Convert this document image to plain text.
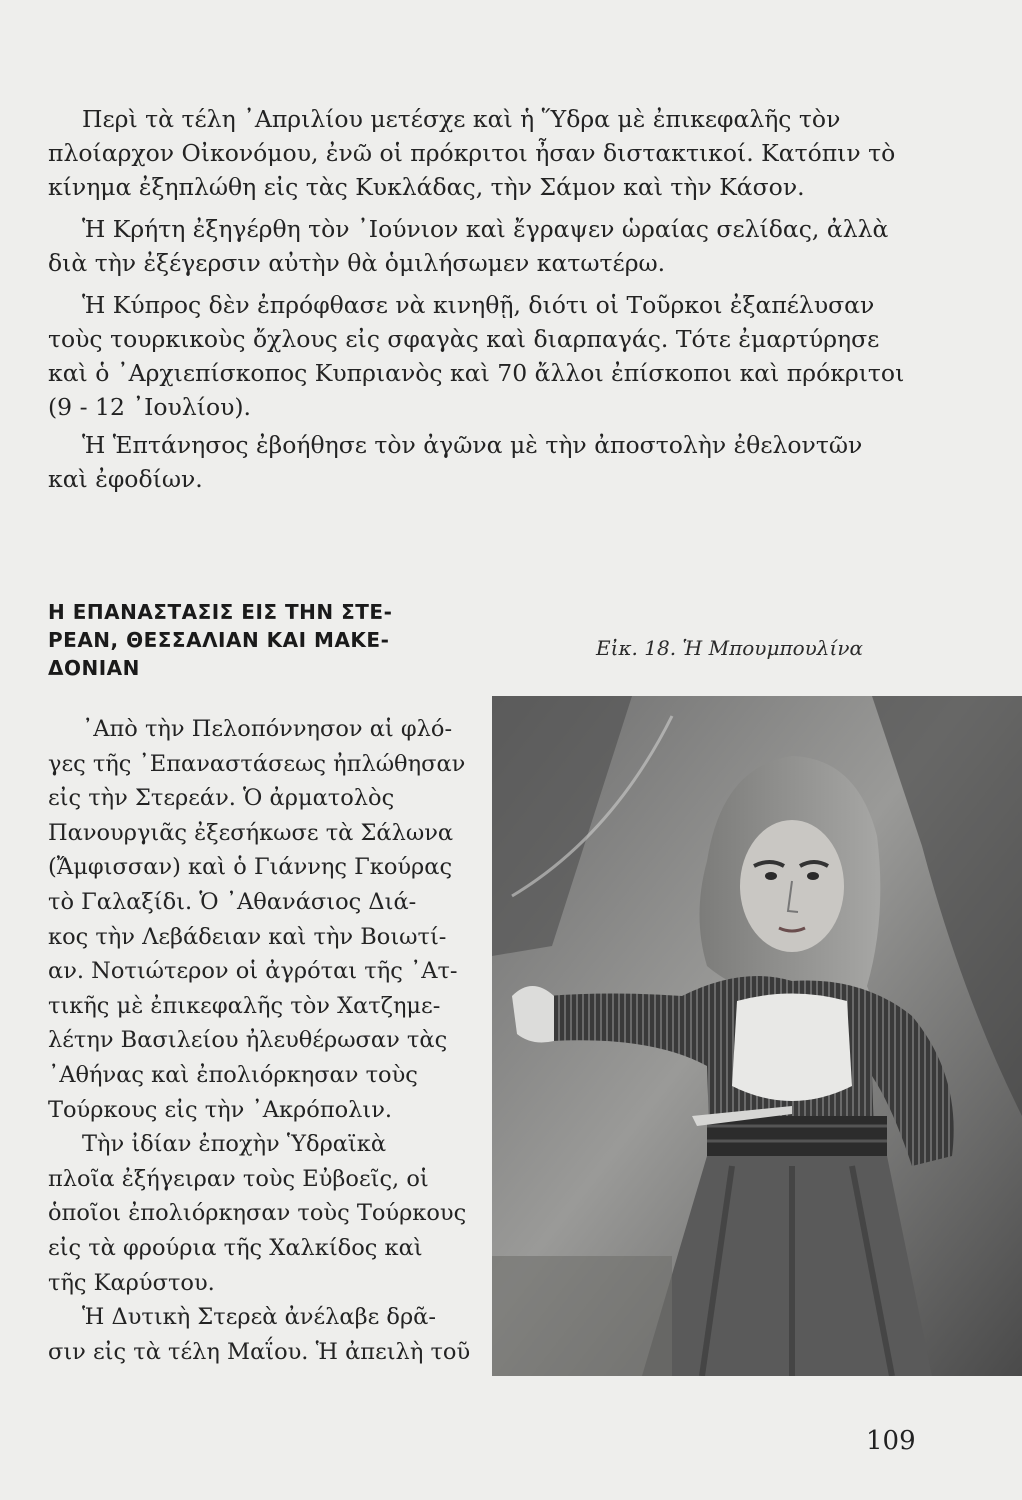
Περὶ τὰ τέλη ᾿Απριλίου μετέσχε καὶ ἡ Ὕδρα μὲ ἐπικεφαλῆς τὸν
πλοίαρχον Οἰκονόμου, ἐνῶ οἱ πρόκριτοι ἦσαν διστακτικοί. Κατόπιν τὸ
κίνημα ἐξηπλώθη εἰς τὰς Κυκλάδας, τὴν Σάμον καὶ τὴν Κάσον.
Ἡ Κρήτη ἐξηγέρθη τὸν ᾿Ιούνιον καὶ ἔγραψεν ὡραίας σελίδας, ἀλλὰ
διὰ τὴν ἐξέγερσιν αὐτὴν θὰ ὁμιλήσωμεν κατωτέρω.
Ἡ Κύπρος δὲν ἐπρόφθασε νὰ κινηθῇ, διότι οἱ Τοῦρκοι ἐξαπέλυσαν
τοὺς τουρκικοὺς ὄχλους εἰς σφαγὰς καὶ διαρπαγάς. Τότε ἐμαρτύρησε
καὶ ὁ ᾿Αρχιεπίσκοπος Κυπριανὸς καὶ 70 ἄλλοι ἐπίσκοποι καὶ πρόκριτοι
(9 - 12 ᾿Ιουλίου).
Ἡ Ἑπτάνησος ἐβοήθησε τὸν ἀγῶνα μὲ τὴν ἀποστολὴν ἐθελοντῶν
καὶ ἐφοδίων.
Η ΕΠΑΝΑΣΤΑΣΙΣ ΕΙΣ ΤΗΝ ΣΤΕ-
ΡΕΑΝ, ΘΕΣΣΑΛΙΑΝ ΚΑΙ ΜΑΚΕ-
ΔΟΝΙΑΝ
Εἰκ. 18. Ἡ Μπουμπουλίνα
᾿Απὸ τὴν Πελοπόννησον αἱ φλό-
γες τῆς ᾿Επαναστάσεως ἠπλώθησαν
εἰς τὴν Στερεάν. Ὁ ἀρματολὸς
Πανουργιᾶς ἐξεσήκωσε τὰ Σάλωνα
(Ἄμφισσαν) καὶ ὁ Γιάννης Γκούρας
τὸ Γαλαξίδι. Ὁ ᾿Αθανάσιος Διά-
κος τὴν Λεβάδειαν καὶ τὴν Βοιωτί-
αν. Νοτιώτερον οἱ ἀγρόται τῆς ᾿Ατ-
τικῆς μὲ ἐπικεφαλῆς τὸν Χατζημε-
λέτην Βασιλείου ἠλευθέρωσαν τὰς
᾿Αθήνας καὶ ἐπολιόρκησαν τοὺς
Τούρκους εἰς τὴν ᾿Ακρόπολιν.
Τὴν ἰδίαν ἐποχὴν Ὑδραϊκὰ
πλοῖα ἐξήγειραν τοὺς Εὐβοεῖς, οἱ
ὁποῖοι ἐπολιόρκησαν τοὺς Τούρκους
εἰς τὰ φρούρια τῆς Χαλκίδος καὶ
τῆς Καρύστου.
Ἡ Δυτικὴ Στερεὰ ἀνέλαβε δρᾶ-
σιν εἰς τὰ τέλη Μαΐου. Ἡ ἀπειλὴ τοῦ
109
